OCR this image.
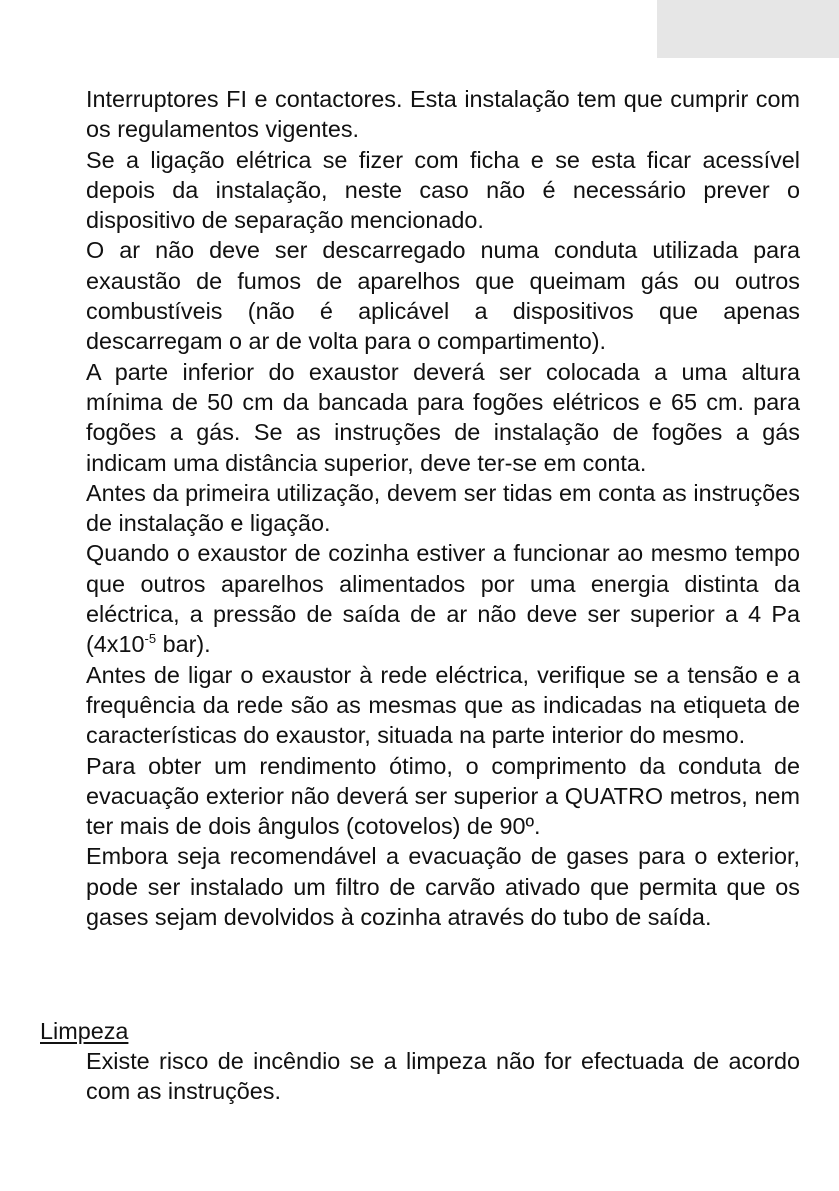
Interruptores FI e contactores. Esta instalação tem que cumprir com os regulamentos vigentes.

Se a ligação elétrica se fizer com ficha e se esta ficar acessível depois da instalação, neste caso não é necessário prever o dispositivo de separação mencionado.

O ar não deve ser descarregado numa conduta utilizada para exaustão de fumos de aparelhos que queimam gás ou outros combustíveis (não é aplicável a dispositivos que apenas descarregam o ar de volta para o compartimento).

A parte inferior do exaustor deverá ser colocada a uma altura mínima de 50 cm da bancada para fogões elétricos e 65 cm. para fogões a gás. Se as instruções de instalação de fogões a gás indicam uma distância superior, deve ter-se em conta.

Antes da primeira utilização, devem ser tidas em conta as instruções de instalação e ligação.

Quando o exaustor de cozinha estiver a funcionar ao mesmo tempo que outros aparelhos alimentados por uma energia distinta da eléctrica, a pressão de saída de ar não deve ser superior a 4 Pa ($4x10^{-5}$ bar).

Antes de ligar o exaustor à rede eléctrica, verifique se a tensão e a frequência da rede são as mesmas que as indicadas na etiqueta de características do exaustor, situada na parte interior do mesmo.

Para obter um rendimento ótimo, o comprimento da conduta de evacuação exterior não deverá ser superior a QUATRO metros, nem ter mais de dois ângulos (cotovelos) de 90º.

Embora seja recomendável a evacuação de gases para o exterior, pode ser instalado um filtro de carvão ativado que permita que os gases sejam devolvidos à cozinha através do tubo de saída.

Limpeza

Existe risco de incêndio se a limpeza não for efectuada de acordo com as instruções.
